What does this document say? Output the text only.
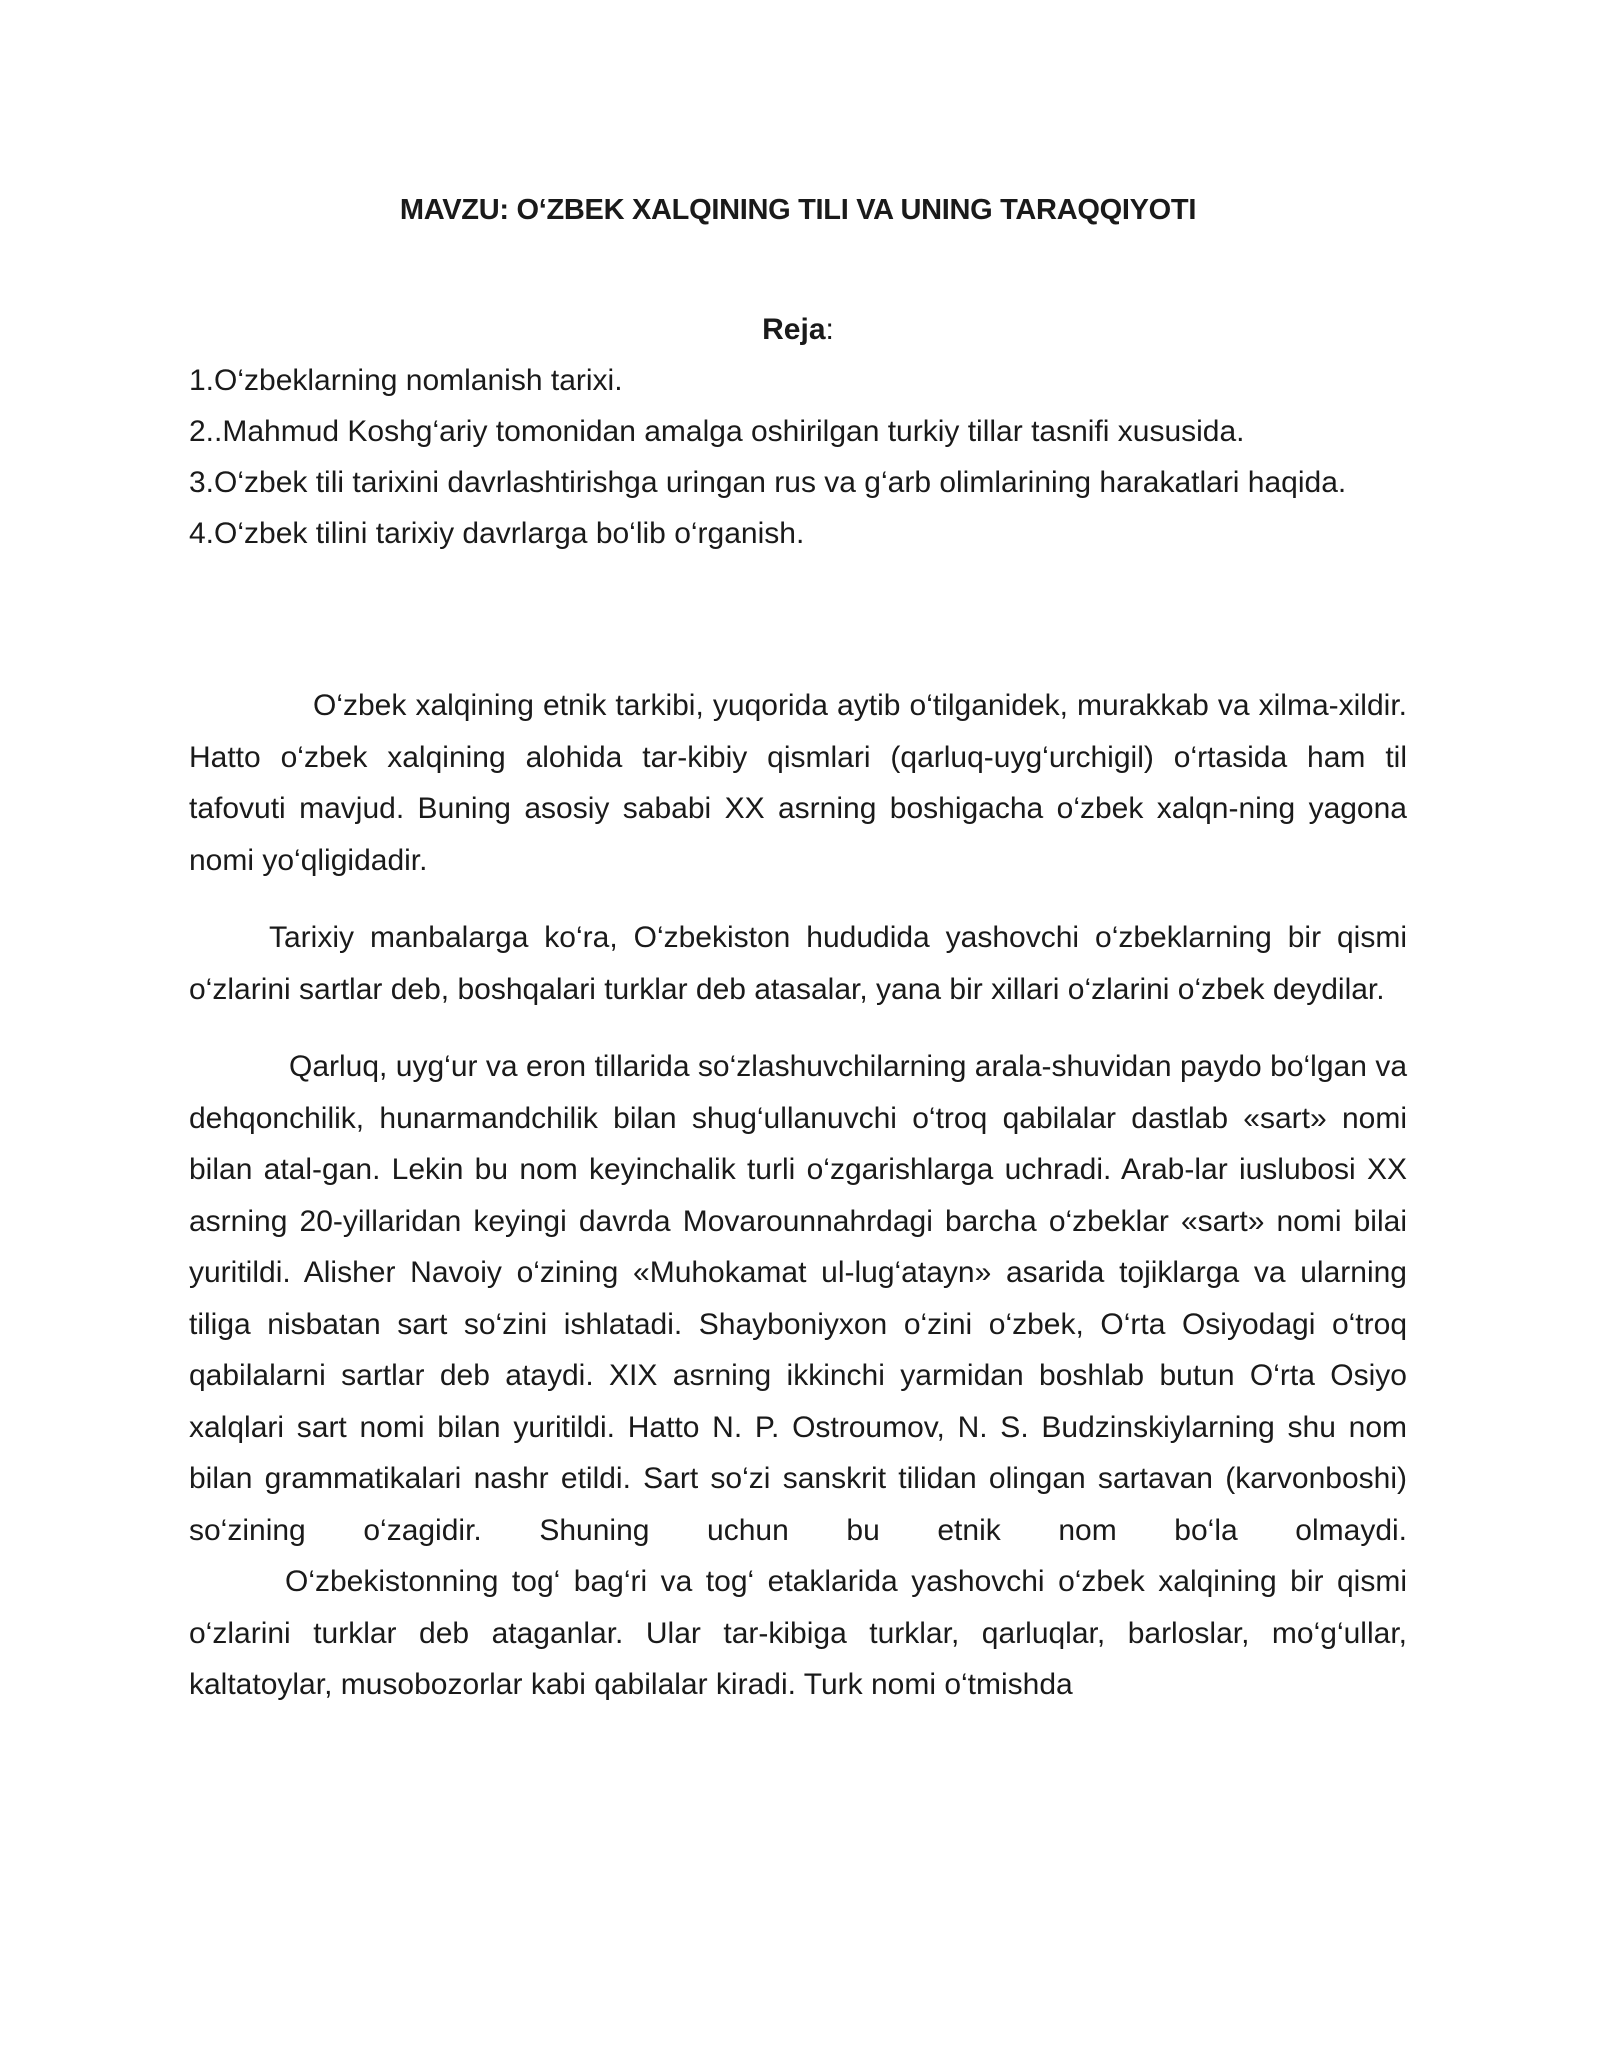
MAVZU: O‘ZBEK XALQINING TILI VA UNING TARAQQIYOTI
Reja:
1.O‘zbeklarning nomlanish tarixi.
2..Mahmud Koshg‘ariy tomonidan amalga oshirilgan turkiy tillar tasnifi xususida.
3.O‘zbek tili tarixini davrlashtirishga uringan rus va g‘arb olimlarining harakatlari haqida.
4.O‘zbek tilini tarixiy davrlarga bo‘lib o‘rganish.

O‘zbek xalqining etnik tarkibi, yuqorida aytib o‘tilganidek, murakkab va xilma-xildir. Hatto o‘zbek xalqining alohida tar-kibiy qismlari (qarluq-uyg‘urchigil) o‘rtasida ham til tafovuti mavjud. Buning asosiy sababi XX asrning boshigacha o‘zbek xalqn-ning yagona nomi yo‘qligidadir.

Tarixiy manbalarga ko‘ra, O‘zbekiston hududida yashovchi o‘zbeklarning bir qismi o‘zlarini sartlar deb, boshqalari turklar deb atasalar, yana bir xillari o‘zlarini o‘zbek deydilar.

Qarluq, uyg‘ur va eron tillarida so‘zlashuvchilarning arala-shuvidan paydo bo‘lgan va dehqonchilik, hunarmandchilik bilan shug‘ullanuvchi o‘troq qabilalar dastlab «sart» nomi bilan atal-gan. Lekin bu nom keyinchalik turli o‘zgarishlarga uchradi. Arab-lar iuslubosi XX asrning 20-yillaridan keyingi davrda Movarounnahrdagi barcha o‘zbeklar «sart» nomi bilai yuritildi. Alisher Navoiy o‘zining «Muhokamat ul-lug‘atayn» asarida tojiklarga va ularning tiliga nisbatan sart so‘zini ishlatadi. Shayboniyxon o‘zini o‘zbek, O‘rta Osiyodagi o‘troq qabilalarni sartlar deb ataydi. XIX asrning ikkinchi yarmidan boshlab butun O‘rta Osiyo xalqlari sart nomi bilan yuritildi. Hatto N. P. Ostroumov, N. S. Budzinskiylarning shu nom bilan grammatikalari nashr etildi. Sart so‘zi sanskrit tilidan olingan sartavan (karvonboshi) so‘zining o‘zagidir. Shuning uchun bu etnik nom bo‘la olmaydi.

O‘zbekistonning tog‘ bag‘ri va tog‘ etaklarida yashovchi o‘zbek xalqining bir qismi o‘zlarini turklar deb ataganlar. Ular tar-kibiga turklar, qarluqlar, barloslar, mo‘g‘ullar, kaltatoylar, musobozorlar kabi qabilalar kiradi. Turk nomi o‘tmishda
